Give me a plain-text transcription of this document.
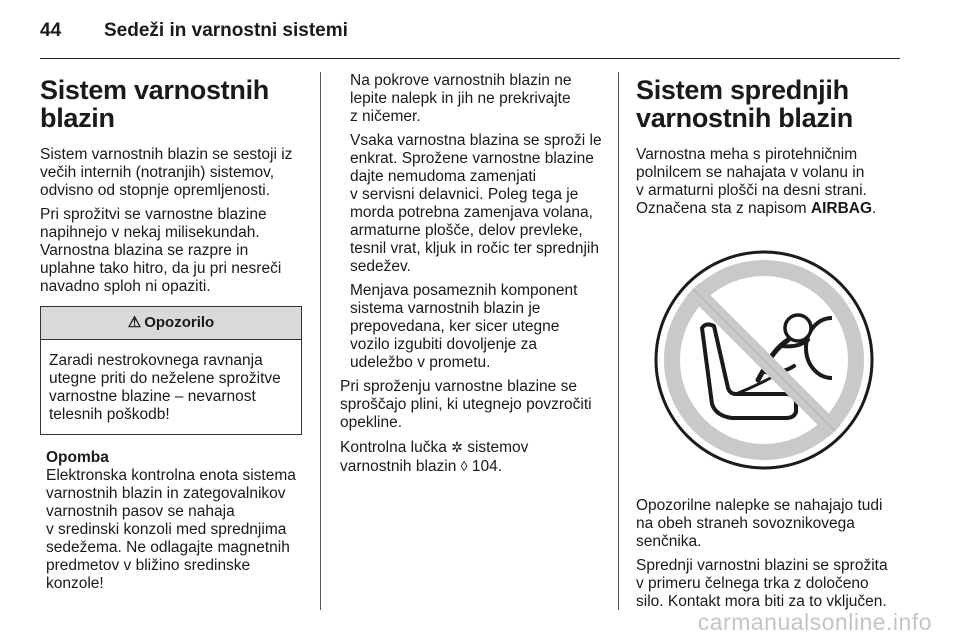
44 Sedeži in varnostni sistemi
Sistem varnostnih
blazin

Sistem varnostnih blazin se sestoji iz
večih internih (notranjih) sistemov,
odvisno od stopnje opremljenosti.

Pri sprožitvi se varnostne blazine
napihnejo v nekaj milisekundah.
Varnostna blazina se razpre in
uplahne tako hitro, da ju pri nesreči
navadno sploh ni opaziti.

⚠ Opozorilo
Zaradi nestrokovnega ravnanja
utegne priti do neželene sprožitve
varnostne blazine – nevarnost
telesnih poškodb!
Opomba
Elektronska kontrolna enota sistema
varnostnih blazin in zategovalnikov
varnostnih pasov se nahaja
v sredinski konzoli med sprednjima
sedežema. Ne odlagajte magnetnih
predmetov v bližino sredinske
konzole!

Na pokrove varnostnih blazin ne
lepite nalepk in jih ne prekrivajte
z ničemer.

Vsaka varnostna blazina se sproži le
enkrat. Sprožene varnostne blazine
dajte nemudoma zamenjati
v servisni delavnici. Poleg tega je
morda potrebna zamenjava volana,
armaturne plošče, delov prevleke,
tesnil vrat, kljuk in ročic ter sprednjih
sedežev.

Menjava posameznih komponent
sistema varnostnih blazin je
prepovedana, ker sicer utegne
vozilo izgubiti dovoljenje za
udeležbo v prometu.

Pri sproženju varnostne blazine se
sproščajo plini, ki utegnejo povzročiti
opekline.

Kontrolna lučka ✲ sistemov
varnostnih blazin ◊ 104.

Sistem sprednjih
varnostnih blazin

Varnostna meha s pirotehničnim
polnilcem se nahajata v volanu in
v armaturni plošči na desni strani.
Označena sta z napisom AIRBAG.

Opozorilne nalepke se nahajajo tudi
na obeh straneh sovoznikovega
senčnika.

Sprednji varnostni blazini se sprožita
v primeru čelnega trka z določeno
silo. Kontakt mora biti za to vključen.

carmanualsonline.info
